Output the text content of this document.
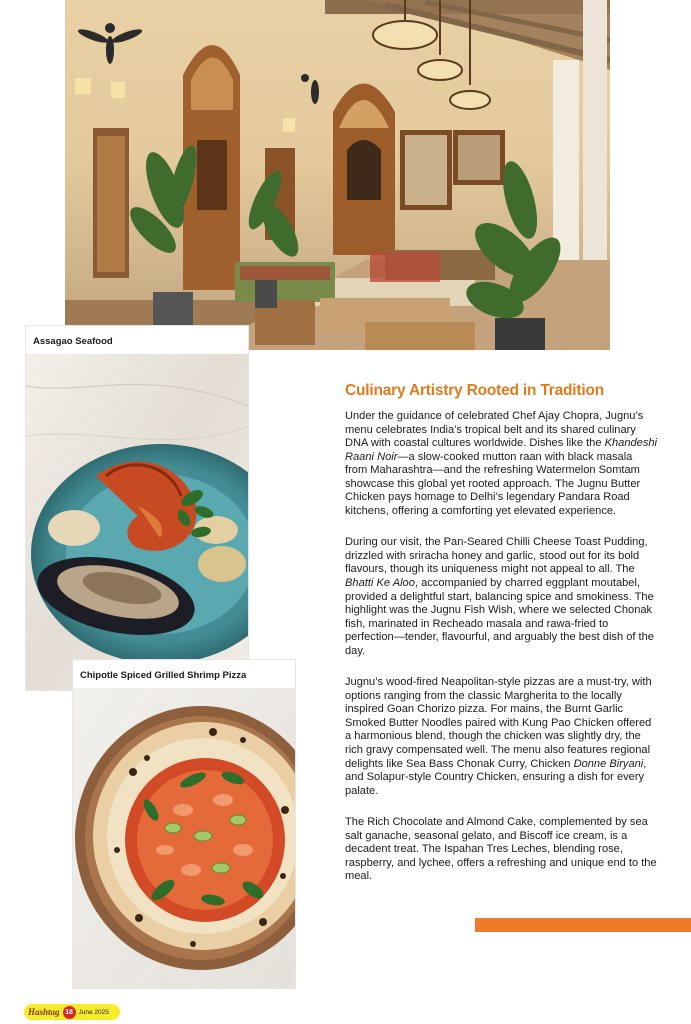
Assagao Seafood
Chipotle Spiced Grilled Shrimp Pizza
Culinary Artistry Rooted in Tradition

Under the guidance of celebrated Chef Ajay Chopra, Jugnu’s menu celebrates India’s tropical belt and its shared culinary DNA with coastal cultures worldwide. Dishes like the Khandeshi Raani Noir—a slow-cooked mutton raan with black masala from Maharashtra—and the refreshing Watermelon Somtam showcase this global yet rooted approach. The Jugnu Butter Chicken pays homage to Delhi’s legendary Pandara Road kitchens, offering a comforting yet elevated experience.

During our visit, the Pan-Seared Chilli Cheese Toast Pudding, drizzled with sriracha honey and garlic, stood out for its bold flavours, though its uniqueness might not appeal to all. The Bhatti Ke Aloo, accompanied by charred eggplant moutabel, provided a delightful start, balancing spice and smokiness. The highlight was the Jugnu Fish Wish, where we selected Chonak fish, marinated in Recheado masala and rawa-fried to perfection—tender, flavourful, and arguably the best dish of the day.

Jugnu’s wood-fired Neapolitan-style pizzas are a must-try, with options ranging from the classic Margherita to the locally inspired Goan Chorizo pizza. For mains, the Burnt Garlic Smoked Butter Noodles paired with Kung Pao Chicken offered a harmonious blend, though the chicken was slightly dry, the rich gravy compensated well. The menu also features regional delights like Sea Bass Chonak Curry, Chicken Donne Biryani, and Solapur-style Country Chicken, ensuring a dish for every palate.

The Rich Chocolate and Almond Cake, complemented by sea salt ganache, seasonal gelato, and Biscoff ice cream, is a decadent treat. The Ispahan Tres Leches, blending rose, raspberry, and lychee, offers a refreshing and unique end to the meal.

Hashtag 18 June 2025
